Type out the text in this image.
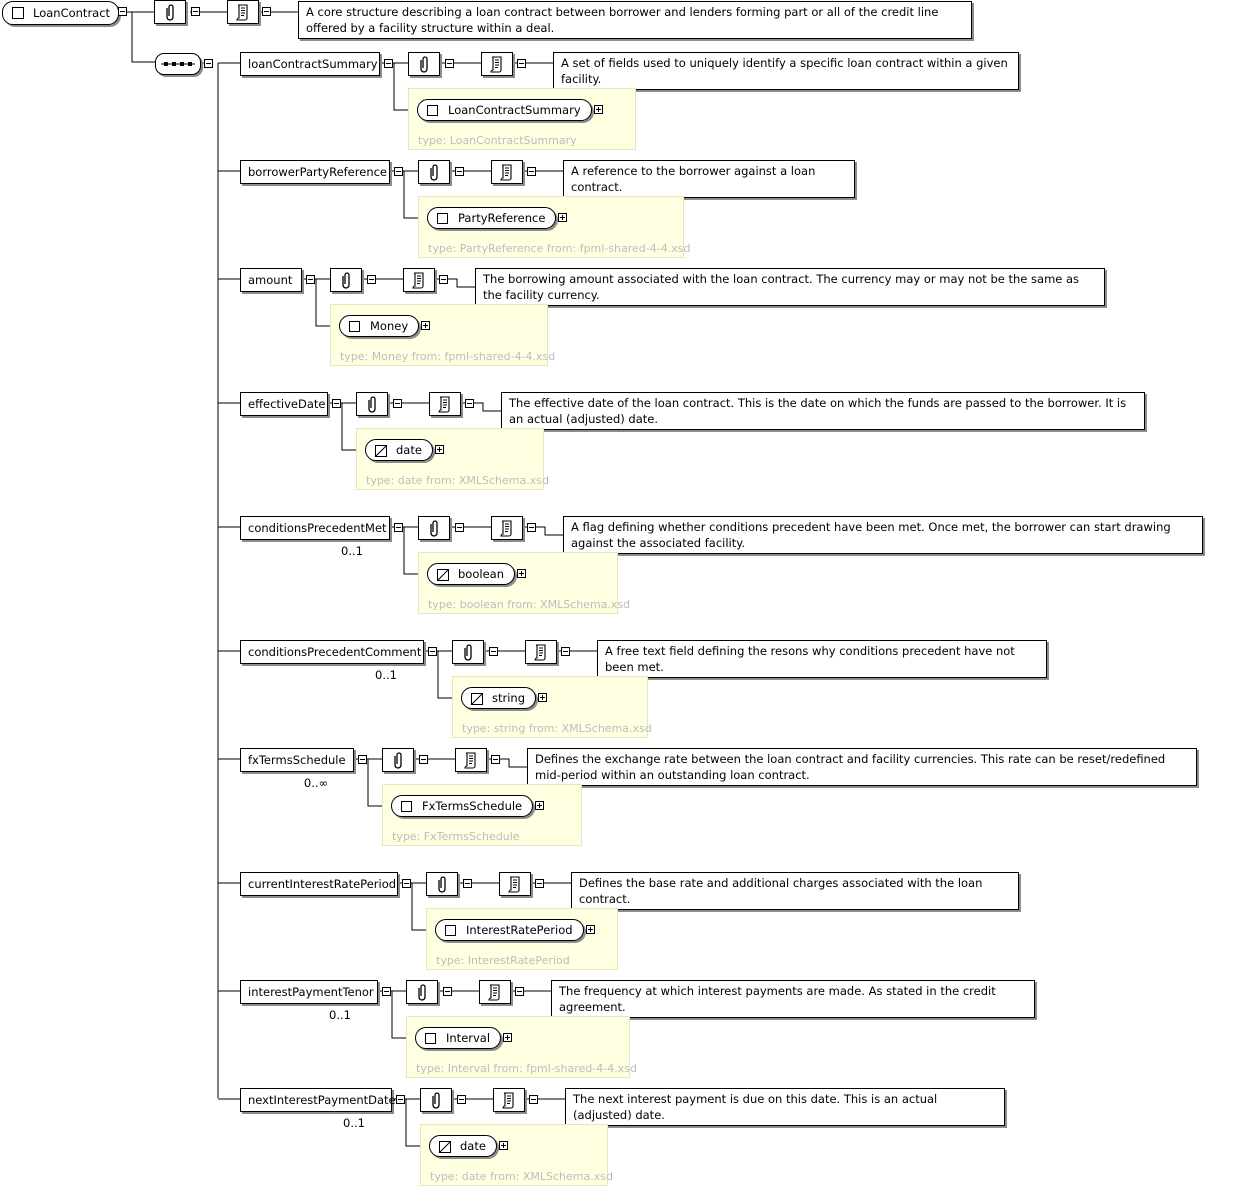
LoanContract	A core structure describing a loan contract between borrower and lenders forming part or all of the credit line offered by a facility structure within a deal.
loanContractSummary	A set of fields used to uniquely identify a specific loan contract within a given facility.
LoanContractSummary
type: LoanContractSummary
borrowerPartyReference	A reference to the borrower against a loan contract.
PartyReference
type: PartyReference from: fpml-shared-4-4.xsd
amount	The borrowing amount associated with the loan contract. The currency may or may not be the same as the facility currency.
Money
type: Money from: fpml-shared-4-4.xsd
effectiveDate	The effective date of the loan contract. This is the date on which the funds are passed to the borrower. It is an actual (adjusted) date.
date
type: date from: XMLSchema.xsd
conditionsPrecedentMet
0..1
A flag defining whether conditions precedent have been met. Once met, the borrower can start drawing against the associated facility.
boolean
type: boolean from: XMLSchema.xsd
conditionsPrecedentComment
0..1
A free text field defining the resons why conditions precedent have not been met.
string
type: string from: XMLSchema.xsd
fxTermsSchedule
0..∞
Defines the exchange rate between the loan contract and facility currencies. This rate can be reset/redefined mid-period within an outstanding loan contract.
FxTermsSchedule
type: FxTermsSchedule
currentInterestRatePeriod	Defines the base rate and additional charges associated with the loan contract.
InterestRatePeriod
type: InterestRatePeriod
interestPaymentTenor
0..1
The frequency at which interest payments are made. As stated in the credit agreement.
Interval
type: Interval from: fpml-shared-4-4.xsd
nextInterestPaymentDate
0..1
The next interest payment is due on this date. This is an actual (adjusted) date.
date
type: date from: XMLSchema.xsd
